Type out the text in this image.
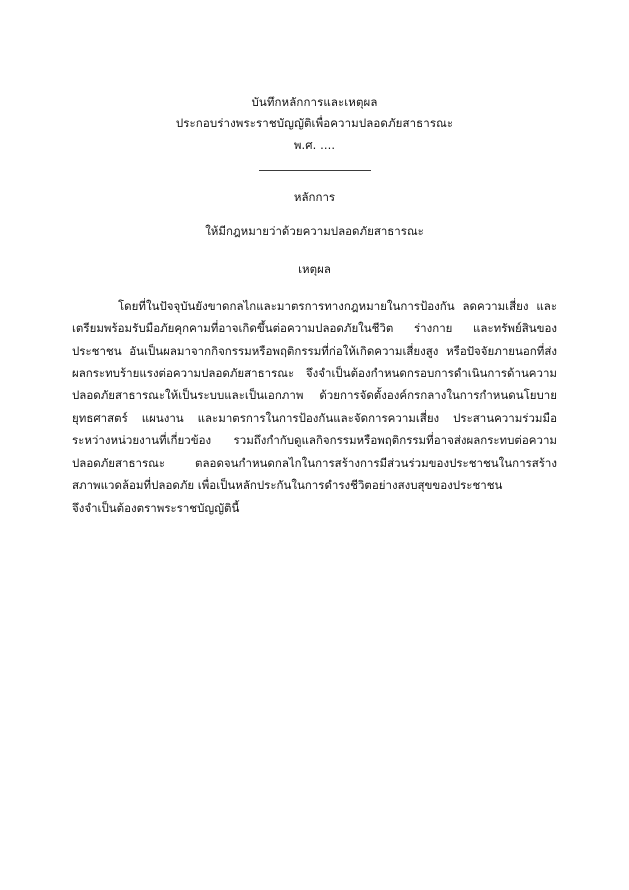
บันทึกหลักการและเหตุผล
ประกอบร่างพระราชบัญญัติเพื่อความปลอดภัยสาธารณะ
พ.ศ. ....
หลักการ
ให้มีกฎหมายว่าด้วยความปลอดภัยสาธารณะ
เหตุผล
โดยที่ในปัจจุบันยังขาดกลไกและมาตรการทางกฎหมายในการป้องกัน ลดความเสี่ยง และเตรียมพร้อมรับมือภัยคุกคามที่อาจเกิดขึ้นต่อความปลอดภัยในชีวิต ร่างกาย และทรัพย์สินของประชาชน อันเป็นผลมาจากกิจกรรมหรือพฤติกรรมที่ก่อให้เกิดความเสี่ยงสูง หรือปัจจัยภายนอกที่ส่งผลกระทบร้ายแรงต่อความปลอดภัยสาธารณะ จึงจำเป็นต้องกำหนดกรอบการดำเนินการด้านความปลอดภัยสาธารณะให้เป็นระบบและเป็นเอกภาพ ด้วยการจัดตั้งองค์กรกลางในการกำหนดนโยบาย ยุทธศาสตร์ แผนงาน และมาตรการในการป้องกันและจัดการความเสี่ยง ประสานความร่วมมือระหว่างหน่วยงานที่เกี่ยวข้อง รวมถึงกำกับดูแลกิจกรรมหรือพฤติกรรมที่อาจส่งผลกระทบต่อความปลอดภัยสาธารณะ ตลอดจนกำหนดกลไกในการสร้างการมีส่วนร่วมของประชาชนในการสร้างสภาพแวดล้อมที่ปลอดภัย เพื่อเป็นหลักประกันในการดำรงชีวิตอย่างสงบสุขของประชาชน
จึงจำเป็นต้องตราพระราชบัญญัตินี้
